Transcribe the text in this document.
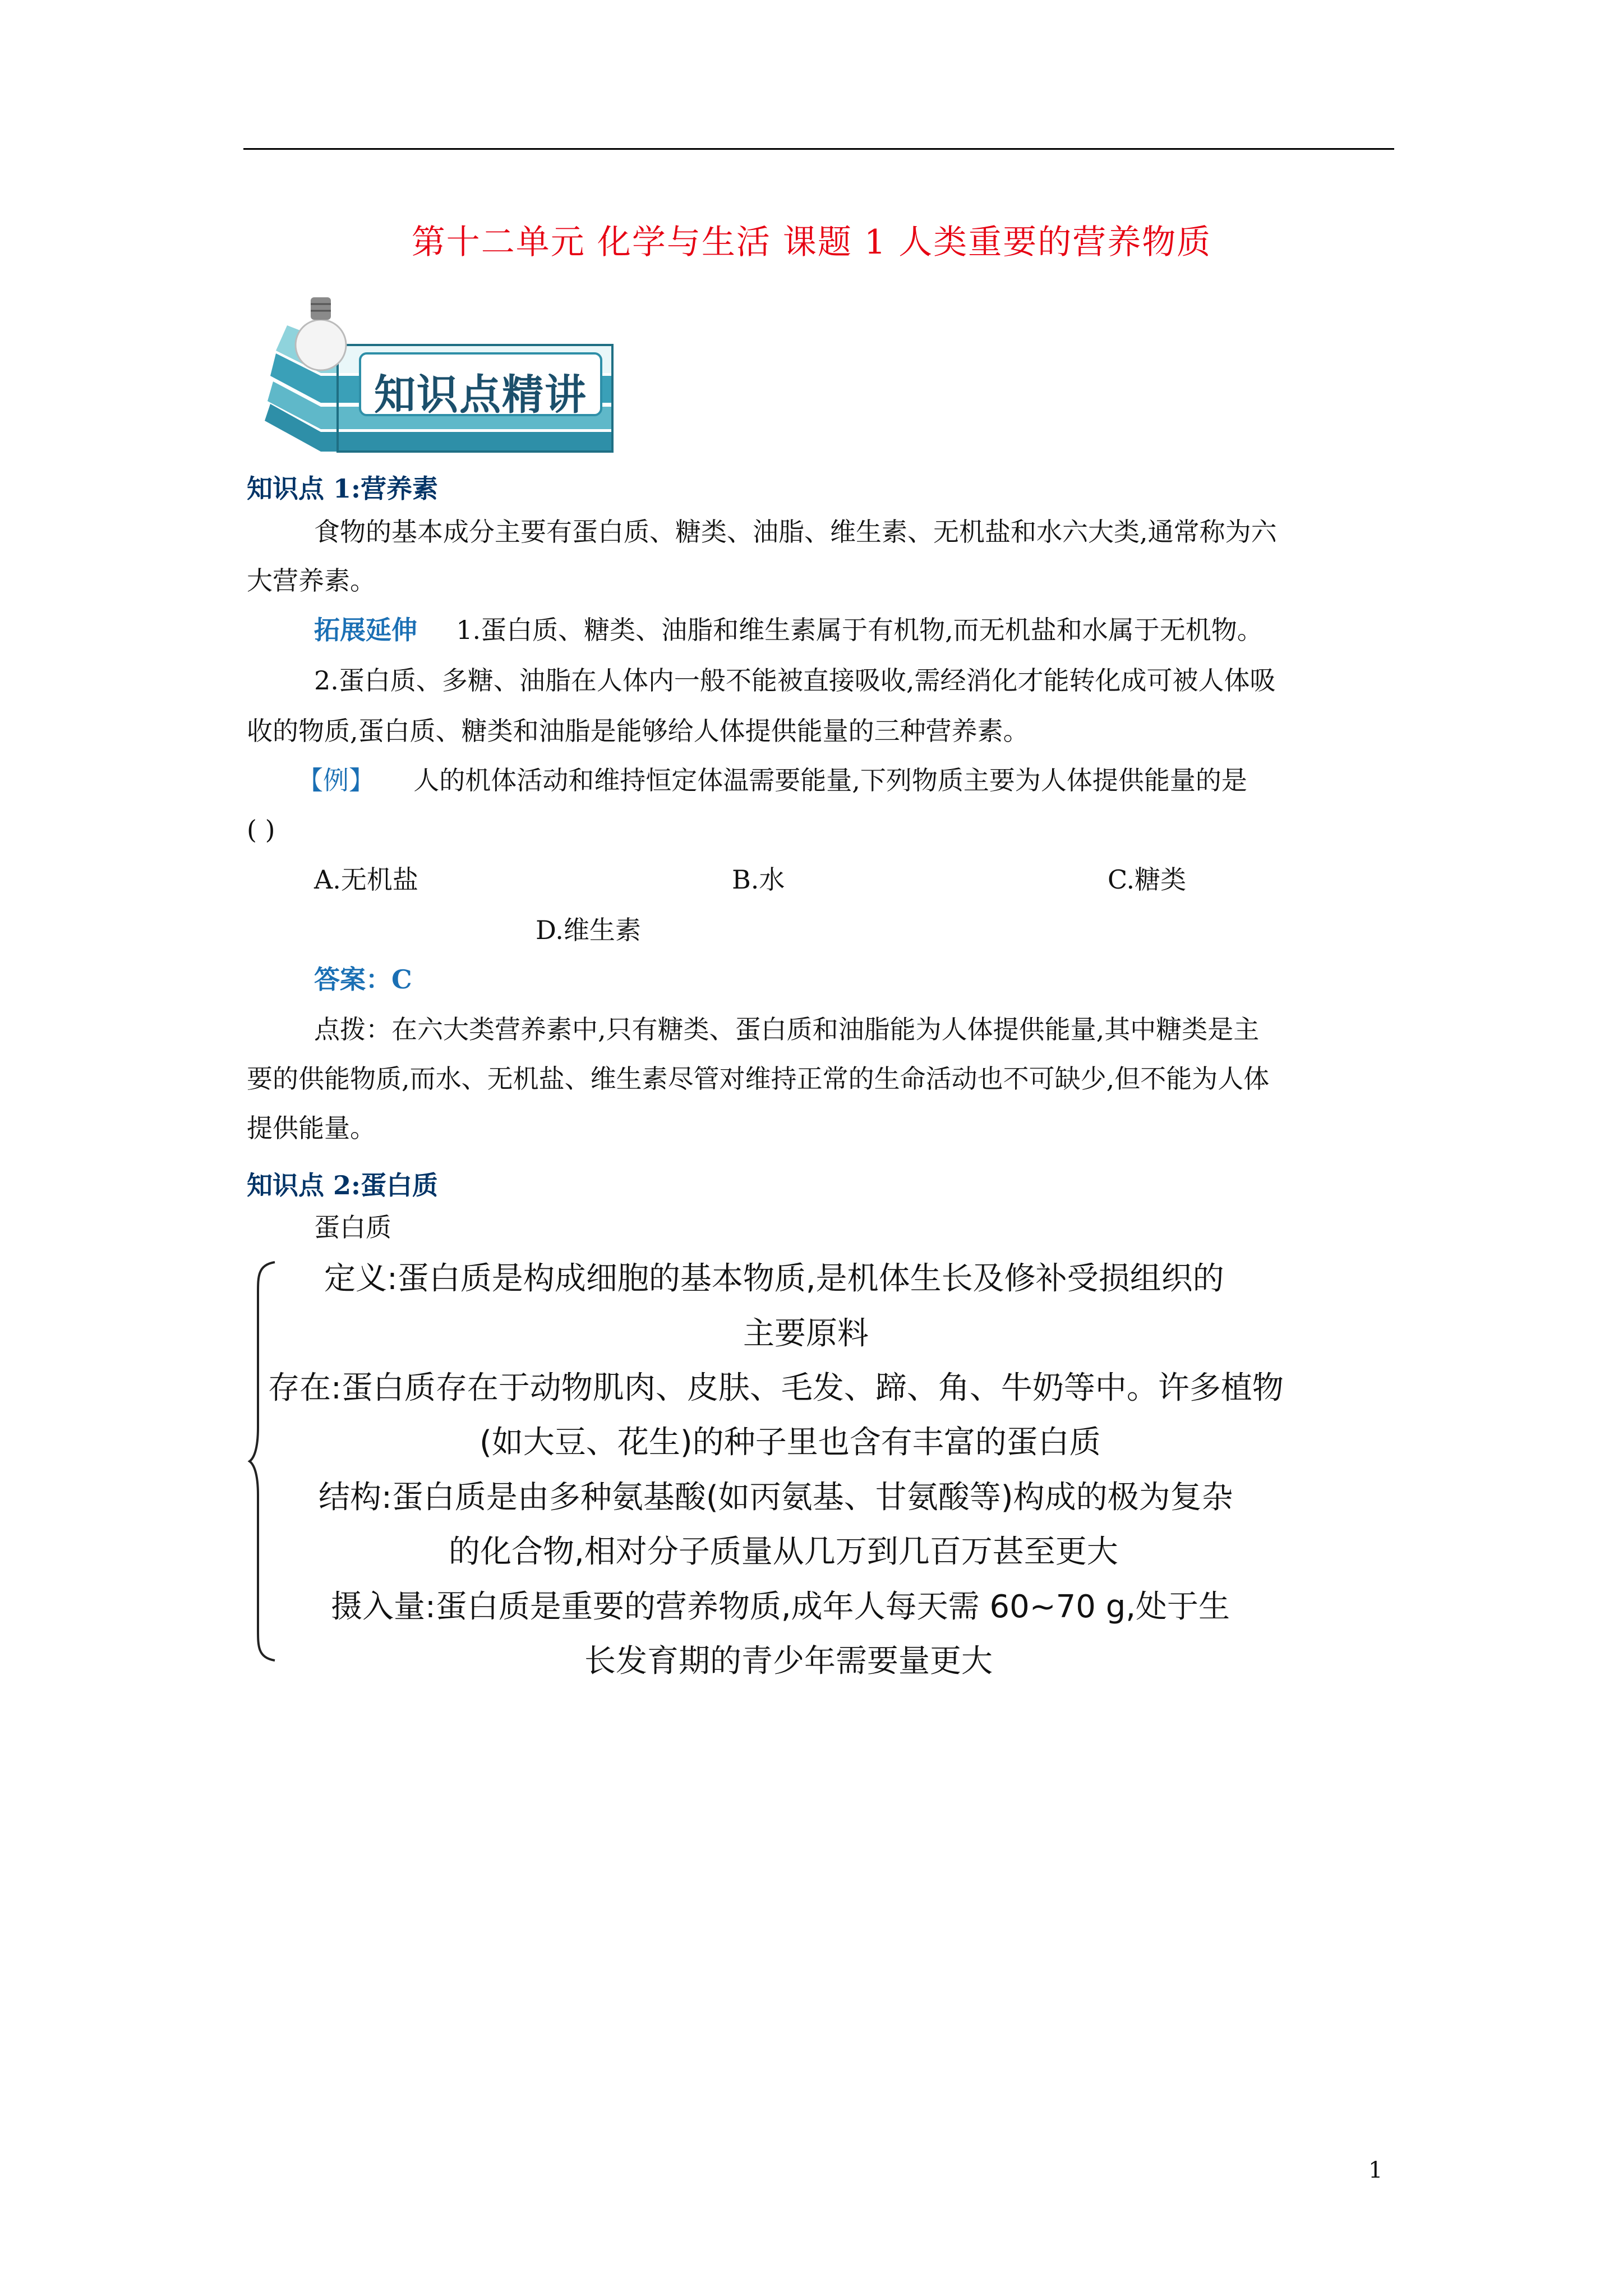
第十二单元 化学与生活 课题 1 人类重要的营养物质
知识点精讲
知识点 1:营养素
食物的基本成分主要有蛋白质、糖类、油脂、维生素、无机盐和水六大类,通常称为六
大营养素。
拓展延伸 1.蛋白质、糖类、油脂和维生素属于有机物,而无机盐和水属于无机物。
2.蛋白质、多糖、油脂在人体内一般不能被直接吸收,需经消化才能转化成可被人体吸
收的物质,蛋白质、糖类和油脂是能够给人体提供能量的三种营养素。
【例】 人的机体活动和维持恒定体温需要能量,下列物质主要为人体提供能量的是
( )
A.无机盐	B.水	C.糖类
D.维生素
答案：C
点拨：在六大类营养素中,只有糖类、蛋白质和油脂能为人体提供能量,其中糖类是主
要的供能物质,而水、无机盐、维生素尽管对维持正常的生命活动也不可缺少,但不能为人体
提供能量。
知识点 2:蛋白质
蛋白质
定义:蛋白质是构成细胞的基本物质,是机体生长及修补受损组织的
主要原料
存在:蛋白质存在于动物肌肉、皮肤、毛发、蹄、角、牛奶等中。许多植物
(如大豆、花生)的种子里也含有丰富的蛋白质
结构:蛋白质是由多种氨基酸(如丙氨基、甘氨酸等)构成的极为复杂
的化合物,相对分子质量从几万到几百万甚至更大
摄入量:蛋白质是重要的营养物质,成年人每天需 60~70 g,处于生
长发育期的青少年需要量更大
1
